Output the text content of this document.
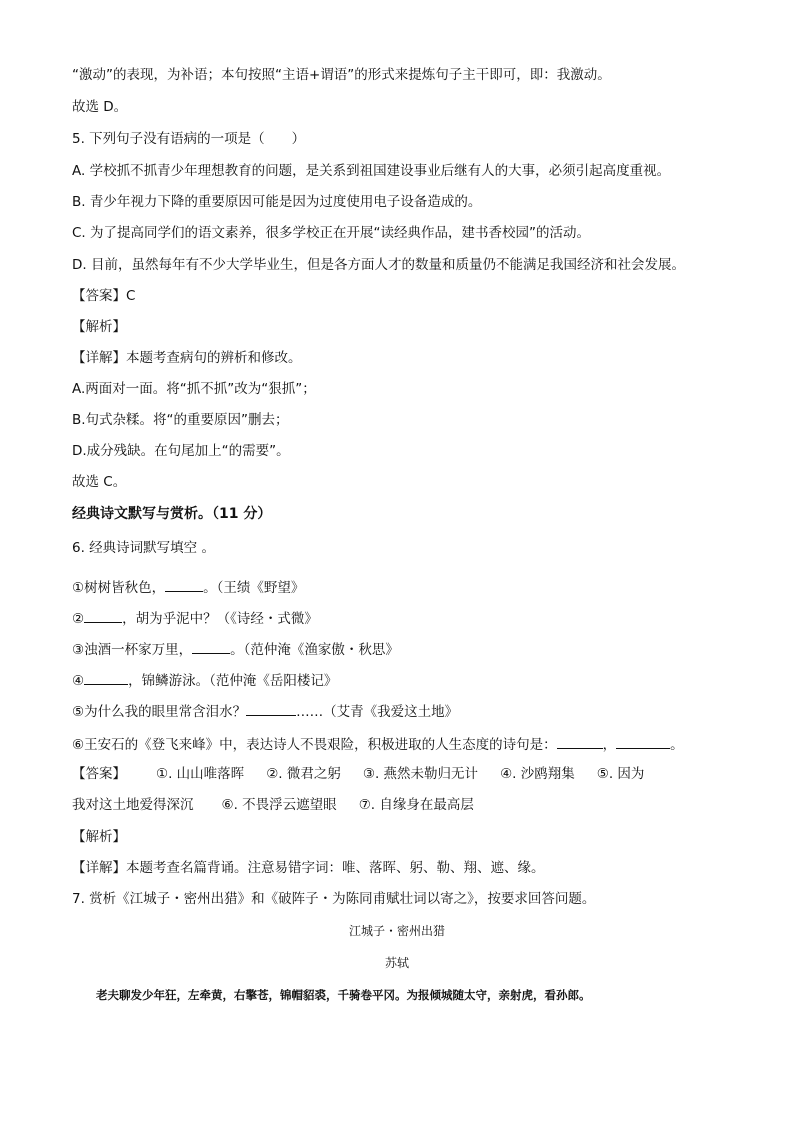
“激动”的表现，为补语；本句按照“主语+谓语”的形式来提炼句子主干即可，即：我激动。
故选 D。
5. 下列句子没有语病的一项是（　　）
A. 学校抓不抓青少年理想教育的问题，是关系到祖国建设事业后继有人的大事，必须引起高度重视。
B. 青少年视力下降的重要原因可能是因为过度使用电子设备造成的。
C. 为了提高同学们的语文素养，很多学校正在开展“读经典作品，建书香校园”的活动。
D. 目前，虽然每年有不少大学毕业生，但是各方面人才的数量和质量仍不能满足我国经济和社会发展。
【答案】C
【解析】
【详解】本题考查病句的辨析和修改。
A.两面对一面。将“抓不抓”改为“狠抓”；
B.句式杂糅。将“的重要原因”删去；
D.成分残缺。在句尾加上“的需要”。
故选 C。
经典诗文默写与赏析。（11 分）
6. 经典诗词默写填空 。
①树树皆秋色，	。（王绩《野望》
②	，胡为乎泥中？（《诗经・式微》
③浊酒一杯家万里，	。（范仲淹《渔家傲・秋思》
④	，锦鳞游泳。（范仲淹《岳阳楼记》
⑤为什么我的眼里常含泪水？	……（艾青《我爱这土地》
⑥王安石的《登飞来峰》中，表达诗人不畏艰险，积极进取的人生态度的诗句是：	，	。
【答案】 ①. 山山唯落晖 ②. 微君之躬 ③. 燕然未勒归无计 ④. 沙鸥翔集 ⑤. 因为
我对这土地爱得深沉 ⑥. 不畏浮云遮望眼 ⑦. 自缘身在最高层
【解析】
【详解】本题考查名篇背诵。注意易错字词：唯、落晖、躬、勒、翔、遮、缘。
7. 赏析《江城子・密州出猎》和《破阵子・为陈同甫赋壮词以寄之》，按要求回答问题。
江城子・密州出猎
苏轼
老夫聊发少年狂，左牵黄，右擎苍，锦帽貂裘，千骑卷平冈。为报倾城随太守，亲射虎，看孙郎。
